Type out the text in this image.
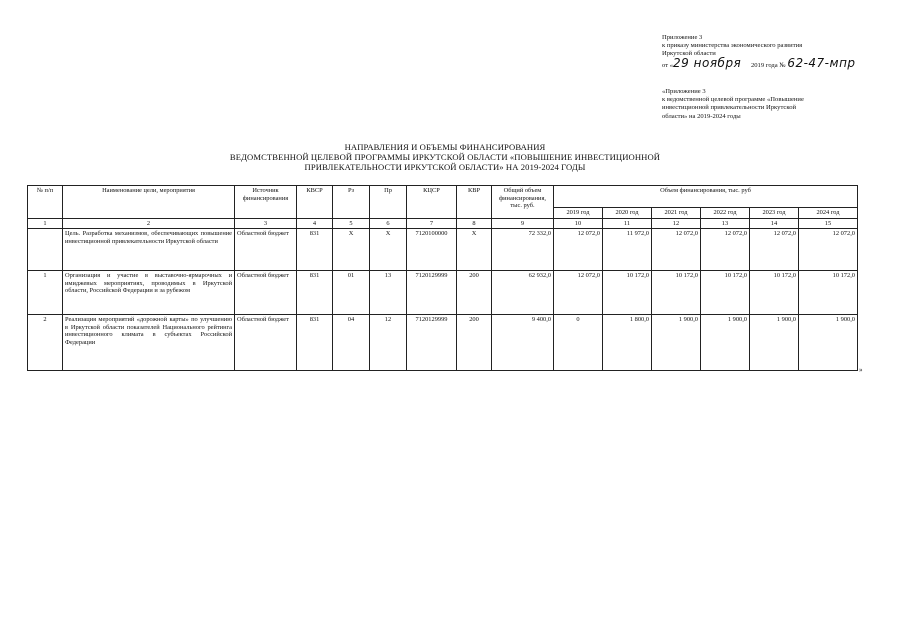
Приложение 3
к приказу министерства экономического развития
Иркутской области
от «29 ноября 2019 года № 62-47-мпр
«Приложение 3
к ведомственной целевой программе «Повышение
инвестиционной привлекательности Иркутской
области» на 2019-2024 годы
НАПРАВЛЕНИЯ И ОБЪЕМЫ ФИНАНСИРОВАНИЯ
ВЕДОМСТВЕННОЙ ЦЕЛЕВОЙ ПРОГРАММЫ ИРКУТСКОЙ ОБЛАСТИ «ПОВЫШЕНИЕ ИНВЕСТИЦИОННОЙ
ПРИВЛЕКАТЕЛЬНОСТИ ИРКУТСКОЙ ОБЛАСТИ» НА 2019-2024 ГОДЫ
№ п/п	Наименование цели, мероприятия	Источник финансирования	КВСР	Рз	Пр	КЦСР	КВР	Общий объем финансирования, тыс. руб.	Объем финансирования, тыс. руб					
									2019 год	2020 год	2021 год	2022 год	2023 год	2024 год
1	2	3	4	5	6	7	8	9	10	11	12	13	14	15
	Цель. Разработка механизмов, обеспечивающих повышение инвестиционной привлекательности Иркутской области	Областной бюджет	831	X	X	7120100000	X	72 332,0	12 072,0	11 972,0	12 072,0	12 072,0	12 072,0	12 072,0
1	Организация и участие в выставочно-ярмарочных и имиджевых мероприятиях, проводимых в Иркутской области, Российской Федерации и за рубежом	Областной бюджет	831	01	13	7120129999	200	62 932,0	12 072,0	10 172,0	10 172,0	10 172,0	10 172,0	10 172,0
2	Реализация мероприятий «дорожной карты» по улучшению в Иркутской области показателей Национального рейтинга инвестиционного климата в субъектах Российской Федерации	Областной бюджет	831	04	12	7120129999	200	9 400,0	0	1 800,0	1 900,0	1 900,0	1 900,0	1 900,0
»
